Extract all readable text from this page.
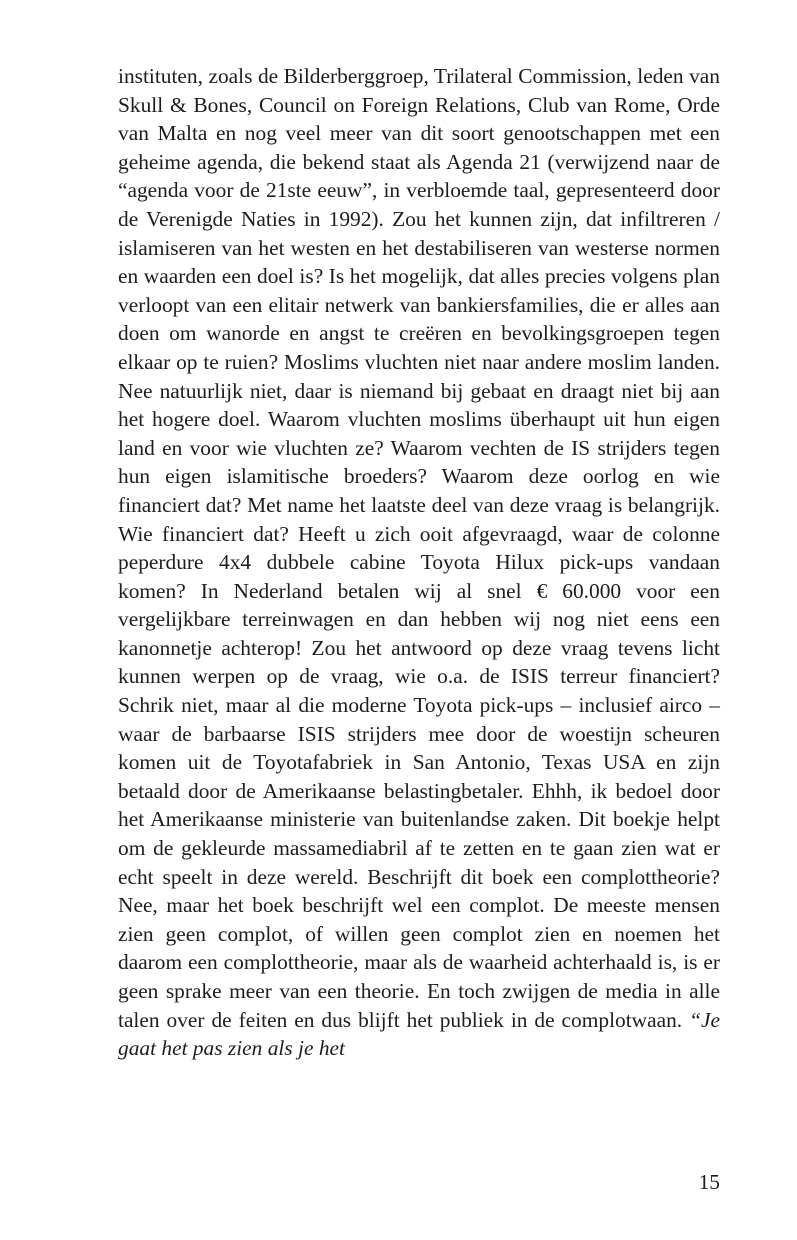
instituten, zoals de Bilderberggroep, Trilateral Commission, leden van Skull & Bones, Council on Foreign Relations, Club van Rome, Orde van Malta en nog veel meer van dit soort genootschappen met een geheime agenda, die bekend staat als Agenda 21 (verwijzend naar de “agenda voor de 21ste eeuw”, in verbloemde taal, gepresenteerd door de Verenigde Naties in 1992). Zou het kunnen zijn, dat infiltreren / islamiseren van het westen en het destabiliseren van westerse normen en waarden een doel is? Is het mogelijk, dat alles precies volgens plan verloopt van een elitair netwerk van bankiersfamilies, die er alles aan doen om wanorde en angst te creëren en bevolkingsgroepen tegen elkaar op te ruien? Moslims vluchten niet naar andere moslim landen. Nee natuurlijk niet, daar is niemand bij gebaat en draagt niet bij aan het hogere doel. Waarom vluchten moslims überhaupt uit hun eigen land en voor wie vluchten ze? Waarom vechten de IS strijders tegen hun eigen islamitische broeders? Waarom deze oorlog en wie financiert dat? Met name het laatste deel van deze vraag is belangrijk. Wie financiert dat? Heeft u zich ooit afgevraagd, waar de colonne peperdure 4x4 dubbele cabine Toyota Hilux pick-ups vandaan komen? In Nederland betalen wij al snel € 60.000 voor een vergelijkbare terreinwagen en dan hebben wij nog niet eens een kanonnetje achterop! Zou het antwoord op deze vraag tevens licht kunnen werpen op de vraag, wie o.a. de ISIS terreur financiert? Schrik niet, maar al die moderne Toyota pick-ups – inclusief airco – waar de barbaarse ISIS strijders mee door de woestijn scheuren komen uit de Toyotafabriek in San Antonio, Texas USA en zijn betaald door de Amerikaanse belastingbetaler. Ehhh, ik bedoel door het Amerikaanse ministerie van buitenlandse zaken. Dit boekje helpt om de gekleurde massamediabril af te zetten en te gaan zien wat er echt speelt in deze wereld. Beschrijft dit boek een complottheorie? Nee, maar het boek beschrijft wel een complot. De meeste mensen zien geen complot, of willen geen complot zien en noemen het daarom een complottheorie, maar als de waarheid achterhaald is, is er geen sprake meer van een theorie. En toch zwijgen de media in alle talen over de feiten en dus blijft het publiek in de complotwaan. “Je gaat het pas zien als je het

15
